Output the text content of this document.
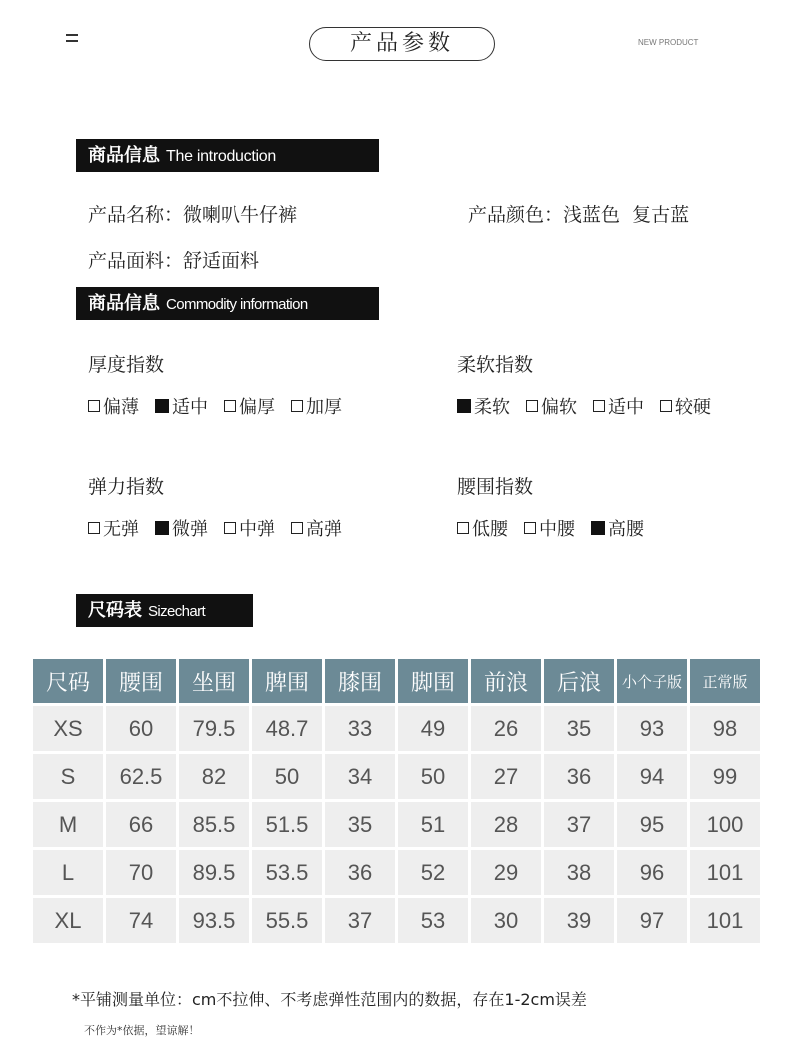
产品参数	NEW PRODUCT
商品信息 The introduction
产品名称：微喇叭牛仔裤	产品颜色：浅蓝色  复古蓝
产品面料：舒适面料
商品信息 Commodity information
厚度指数
偏薄 适中 偏厚 加厚
柔软指数
柔软 偏软 适中 较硬
弹力指数
无弹 微弹 中弹 高弹
腰围指数
低腰 中腰 高腰
尺码表 Sizechart
尺码	腰围	坐围	脾围	膝围	脚围	前浪	后浪	小个子版	正常版
XS	60	79.5	48.7	33	49	26	35	93	98
S	62.5	82	50	34	50	27	36	94	99
M	66	85.5	51.5	35	51	28	37	95	100
L	70	89.5	53.5	36	52	29	38	96	101
XL	74	93.5	55.5	37	53	30	39	97	101
*平铺测量单位：cm不拉伸、不考虑弹性范围内的数据，存在1-2cm误差
不作为*依据，望谅解！
